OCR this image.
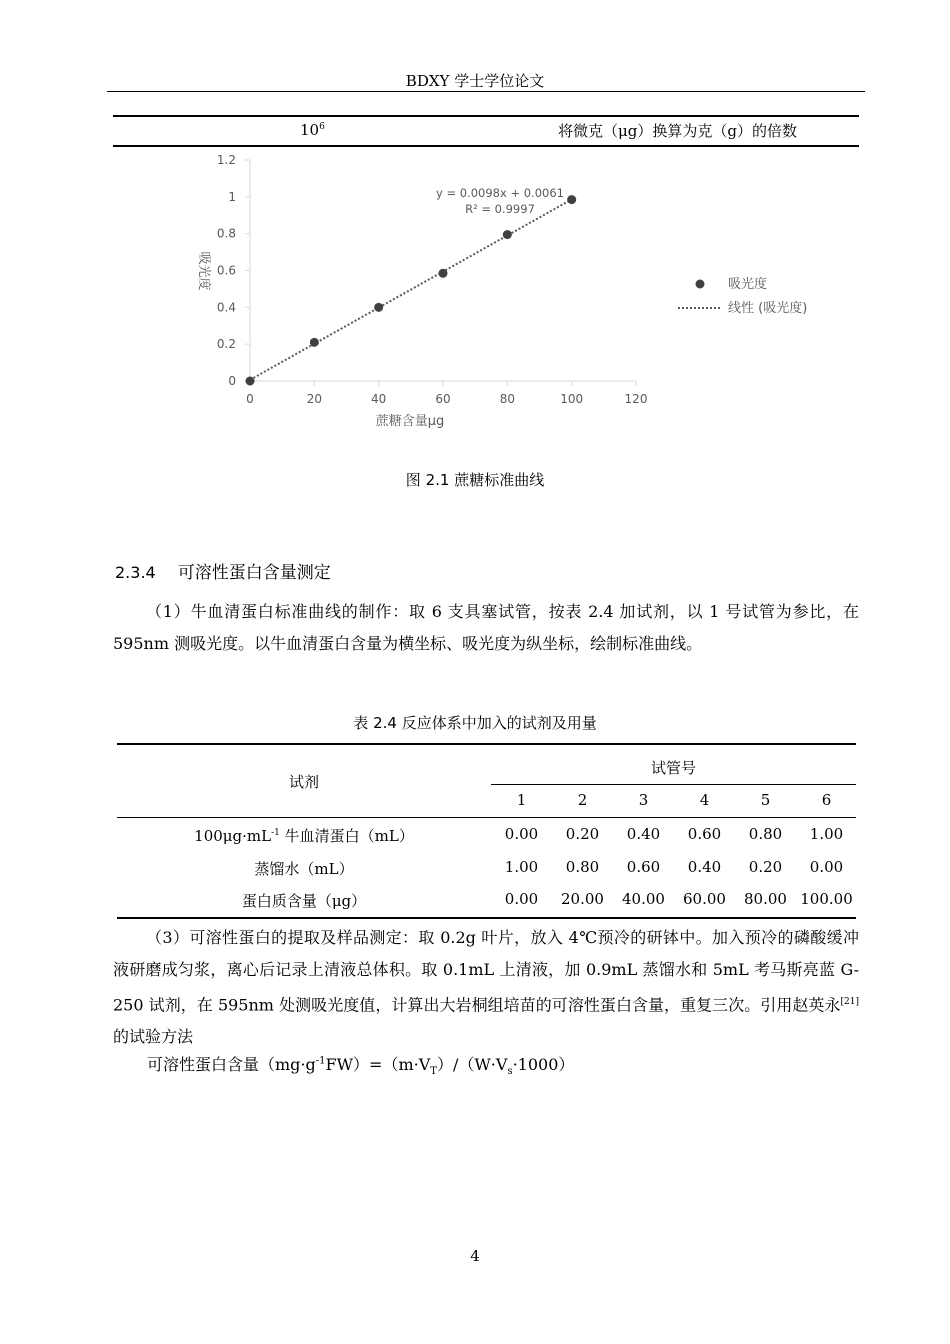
BDXY 学士学位论文
$10^6$	将微克（μg）换算为克（g）的倍数
0	20	40	60	80	100	120
0
0.2
0.4
0.6
0.8
1
1.2
y = 0.0098x + 0.0061
R² = 0.9997
蔗糖含量μg
吸光度	吸光度
线性 (吸光度)
图 2.1 蔗糖标准曲线
2.3.4 可溶性蛋白含量测定
（1）牛血清蛋白标准曲线的制作：取 6 支具塞试管，按表 2.4 加试剂，以 1 号试管为参比，在 595nm 测吸光度。以牛血清蛋白含量为横坐标、吸光度为纵坐标，绘制标准曲线。
表 2.4 反应体系中加入的试剂及用量
试剂
试管号
1	2	3	4	5	6
$100\mu g\cdot mL^{-1}$ 牛血清蛋白（mL）	0.00	0.20	0.40	0.60	0.80	1.00
蒸馏水（mL）	1.00	0.80	0.60	0.40	0.20	0.00
蛋白质含量（μg）	0.00	20.00	40.00	60.00	80.00 100.00
（3）可溶性蛋白的提取及样品测定：取 0.2g 叶片，放入 4℃预冷的研钵中。加入预冷的磷酸缓冲液研磨成匀浆，离心后记录上清液总体积。取 0.1mL 上清液，加 0.9mL 蒸馏水和 5mL 考马斯亮蓝 G-250 试剂，在 595nm 处测吸光度值，计算出大岩桐组培苗的可溶性蛋白含量，重复三次。引用赵英永[21]的试验方法
可溶性蛋白含量$(mg\cdot g^{-1}FW)=(m\cdot V_T)/(W\cdot V_s\cdot 1000)$
4
